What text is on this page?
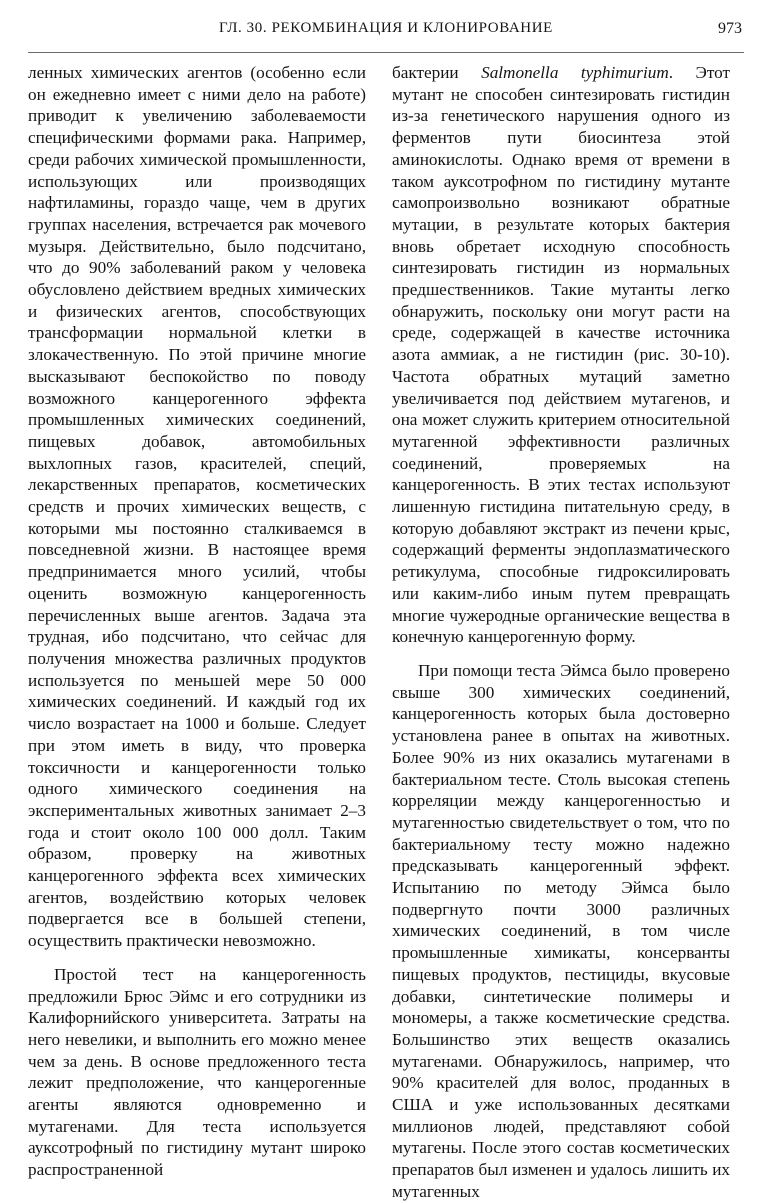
ГЛ. 30. РЕКОМБИНАЦИЯ И КЛОНИРОВАНИЕ	973

ленных химических агентов (особенно если он ежедневно имеет с ними дело на работе) приводит к увеличению заболеваемости специфическими формами рака. Например, среди рабочих химической промышленности, использующих или производящих нафтиламины, гораздо чаще, чем в других группах населения, встречается рак мочевого музыря. Действительно, было подсчитано, что до 90% заболеваний раком у человека обусловлено действием вредных химических и физических агентов, способствующих трансформации нормальной клетки в злокачественную. По этой причине многие высказывают беспокойство по поводу возможного канцерогенного эффекта промышленных химических соединений, пищевых добавок, автомобильных выхлопных газов, красителей, специй, лекарственных препаратов, косметических средств и прочих химических веществ, с которыми мы постоянно сталкиваемся в повседневной жизни. В настоящее время предпринимается много усилий, чтобы оценить возможную канцерогенность перечисленных выше агентов. Задача эта трудная, ибо подсчитано, что сейчас для получения множества различных продуктов используется по меньшей мере 50 000 химических соединений. И каждый год их число возрастает на 1000 и больше. Следует при этом иметь в виду, что проверка токсичности и канцерогенности только одного химического соединения на экспериментальных животных занимает 2–3 года и стоит около 100 000 долл. Таким образом, проверку на животных канцерогенного эффекта всех химических агентов, воздействию которых человек подвергается все в большей степени, осуществить практически невозможно.

Простой тест на канцерогенность предложили Брюс Эймс и его сотрудники из Калифорнийского университета. Затраты на него невелики, и выполнить его можно менее чем за день. В основе предложенного теста лежит предположение, что канцерогенные агенты являются одновременно и мутагенами. Для теста используется ауксотрофный по гистидину мутант широко распространенной

бактерии Salmonella typhimurium. Этот мутант не способен синтезировать гистидин из-за генетического нарушения одного из ферментов пути биосинтеза этой аминокислоты. Однако время от времени в таком ауксотрофном по гистидину мутанте самопроизвольно возникают обратные мутации, в результате которых бактерия вновь обретает исходную способность синтезировать гистидин из нормальных предшественников. Такие мутанты легко обнаружить, поскольку они могут расти на среде, содержащей в качестве источника азота аммиак, а не гистидин (рис. 30-10). Частота обратных мутаций заметно увеличивается под действием мутагенов, и она может служить критерием относительной мутагенной эффективности различных соединений, проверяемых на канцерогенность. В этих тестах используют лишенную гистидина питательную среду, в которую добавляют экстракт из печени крыс, содержащий ферменты эндоплазматического ретикулума, способные гидроксилировать или каким-либо иным путем превращать многие чужеродные органические вещества в конечную канцерогенную форму.

При помощи теста Эймса было проверено свыше 300 химических соединений, канцерогенность которых была достоверно установлена ранее в опытах на животных. Более 90% из них оказались мутагенами в бактериальном тесте. Столь высокая степень корреляции между канцерогенностью и мутагенностью свидетельствует о том, что по бактериальному тесту можно надежно предсказывать канцерогенный эффект. Испытанию по методу Эймса было подвергнуто почти 3000 различных химических соединений, в том числе промышленные химикаты, консерванты пищевых продуктов, пестициды, вкусовые добавки, синтетические полимеры и мономеры, а также косметические средства. Большинство этих веществ оказались мутагенами. Обнаружилось, например, что 90% красителей для волос, проданных в США и уже использованных десятками миллионов людей, представляют собой мутагены. После этого состав косметических препаратов был изменен и удалось лишить их мутагенных
